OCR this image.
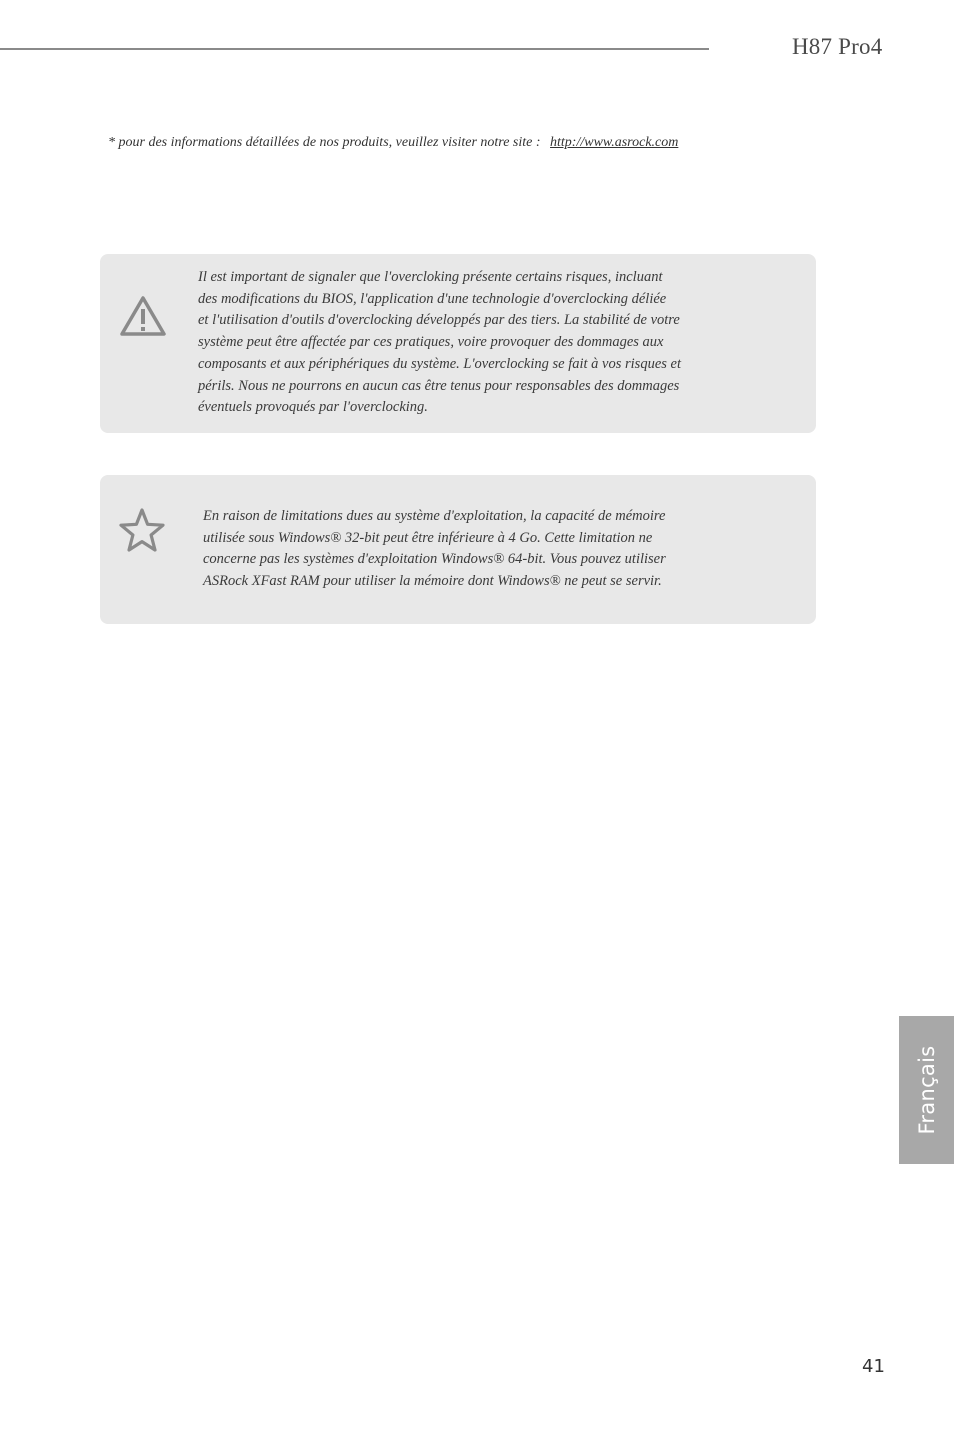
H87 Pro4
* pour des informations détaillées de nos produits, veuillez visiter notre site : http://www.asrock.com
Il est important de signaler que l'overcloking présente certains risques, incluant
des modifications du BIOS, l'application d'une technologie d'overclocking déliée
et l'utilisation d'outils d'overclocking développés par des tiers. La stabilité de votre
système peut être affectée par ces pratiques, voire provoquer des dommages aux
composants et aux périphériques du système. L'overclocking se fait à vos risques et
périls. Nous ne pourrons en aucun cas être tenus pour responsables des dommages
éventuels provoqués par l'overclocking.
En raison de limitations dues au système d'exploitation, la capacité de mémoire
utilisée sous Windows® 32-bit peut être inférieure à 4 Go. Cette limitation ne
concerne pas les systèmes d'exploitation Windows® 64-bit. Vous pouvez utiliser
ASRock XFast RAM pour utiliser la mémoire dont Windows® ne peut se servir.
Français
41
